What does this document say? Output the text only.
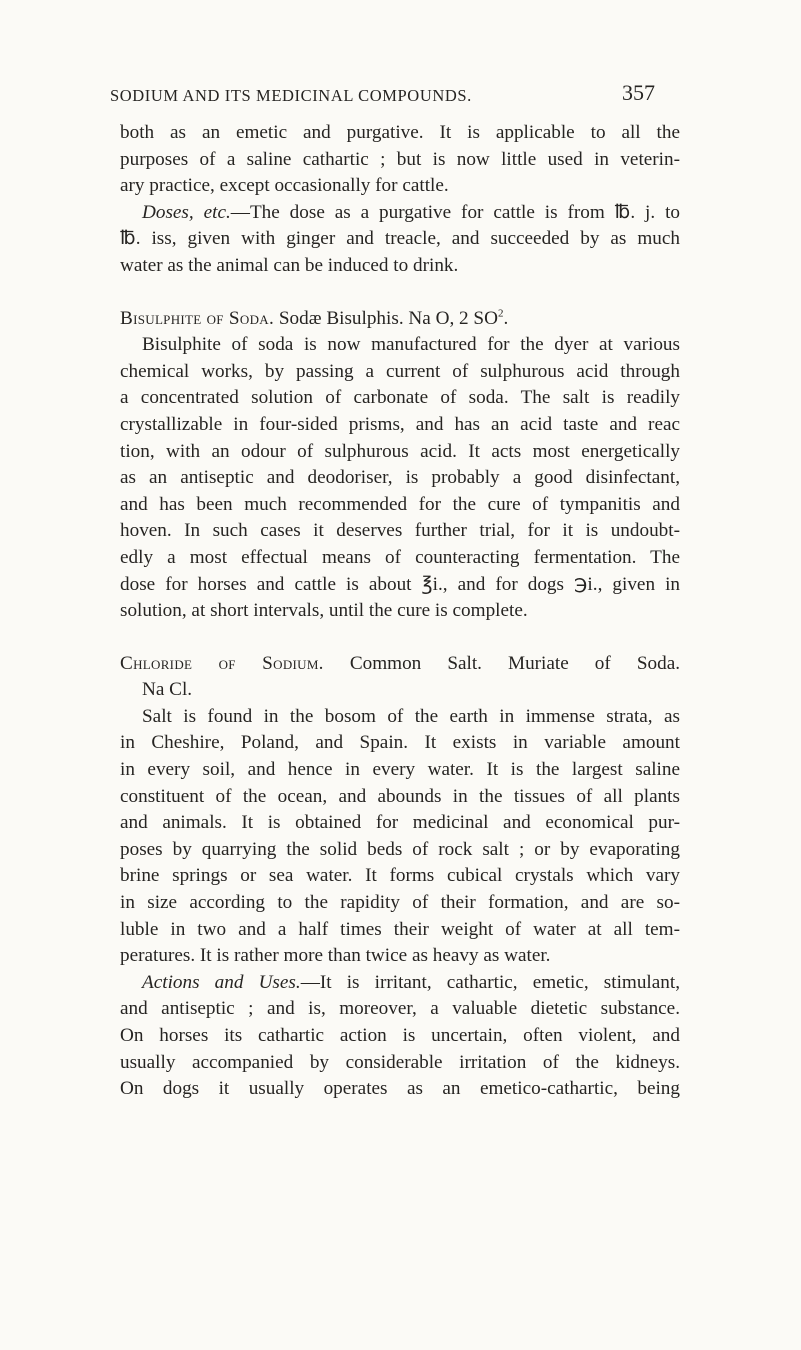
SODIUM AND ITS MEDICINAL COMPOUNDS.	357
both as an emetic and purgative. It is applicable to all the
purposes of a saline cathartic ; but is now little used in veterin-
ary practice, except occasionally for cattle.
Doses, etc.—The dose as a purgative for cattle is from ℔. j. to
℔. iss, given with ginger and treacle, and succeeded by as much
water as the animal can be induced to drink.
Bisulphite of Soda. Sodæ Bisulphis. Na O, 2 $SO^2$.
Bisulphite of soda is now manufactured for the dyer at various
chemical works, by passing a current of sulphurous acid through
a concentrated solution of carbonate of soda. The salt is readily
crystallizable in four-sided prisms, and has an acid taste and reac
tion, with an odour of sulphurous acid. It acts most energetically
as an antiseptic and deodoriser, is probably a good disinfectant,
and has been much recommended for the cure of tympanitis and
hoven. In such cases it deserves further trial, for it is undoubt-
edly a most effectual means of counteracting fermentation. The
dose for horses and cattle is about ℥i., and for dogs ℈i., given in
solution, at short intervals, until the cure is complete.
Chloride of Sodium. Common Salt. Muriate of Soda.
Na Cl.
Salt is found in the bosom of the earth in immense strata, as
in Cheshire, Poland, and Spain. It exists in variable amount
in every soil, and hence in every water. It is the largest saline
constituent of the ocean, and abounds in the tissues of all plants
and animals. It is obtained for medicinal and economical pur-
poses by quarrying the solid beds of rock salt ; or by evaporating
brine springs or sea water. It forms cubical crystals which vary
in size according to the rapidity of their formation, and are so-
luble in two and a half times their weight of water at all tem-
peratures. It is rather more than twice as heavy as water.
Actions and Uses.—It is irritant, cathartic, emetic, stimulant,
and antiseptic ; and is, moreover, a valuable dietetic substance.
On horses its cathartic action is uncertain, often violent, and
usually accompanied by considerable irritation of the kidneys.
On dogs it usually operates as an emetico-cathartic, being
